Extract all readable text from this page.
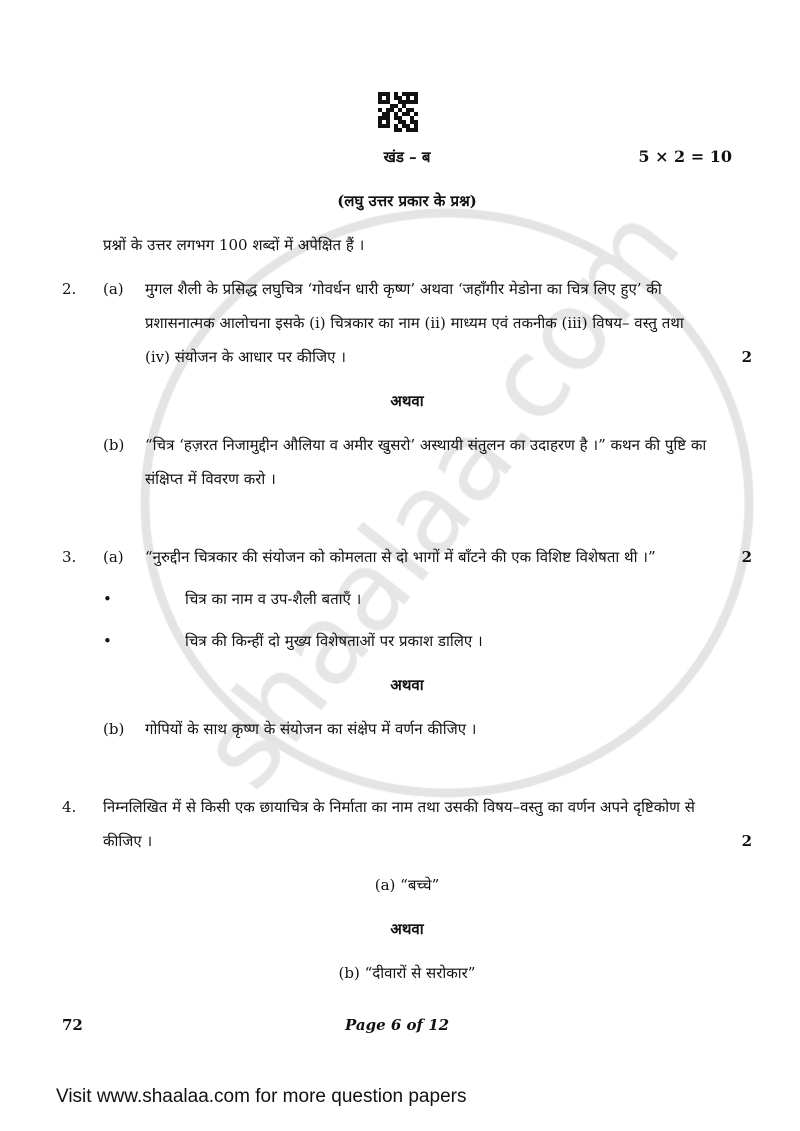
खंड – ब	5 × 2 = 10
(लघु उत्तर प्रकार के प्रश्न)
प्रश्नों के उत्तर लगभग 100 शब्दों में अपेक्षित हैं ।
2.	(a)	मुगल शैली के प्रसिद्ध लघुचित्र ‘गोवर्धन धारी कृष्ण’ अथवा ‘जहाँगीर मेडोना का चित्र लिए हुए’ की प्रशासनात्मक आलोचना इसके (i) चित्रकार का नाम (ii) माध्यम एवं तकनीक (iii) विषय– वस्तु तथा (iv) संयोजन के आधार पर कीजिए ।	2
अथवा
(b)	“चित्र ‘हज़रत निजामुद्दीन औलिया व अमीर खुसरो’ अस्थायी संतुलन का उदाहरण है ।” कथन की पुष्टि का संक्षिप्त में विवरण करो ।
3.	(a)	“नुरुद्दीन चित्रकार की संयोजन को कोमलता से दो भागों में बाँटने की एक विशिष्ट विशेषता थी ।”	2
•	चित्र का नाम व उप-शैली बताएँ ।
•	चित्र की किन्हीं दो मुख्य विशेषताओं पर प्रकाश डालिए ।
अथवा
(b)	गोपियों के साथ कृष्ण के संयोजन का संक्षेप में वर्णन कीजिए ।
4.	निम्नलिखित में से किसी एक छायाचित्र के निर्माता का नाम तथा उसकी विषय–वस्तु का वर्णन अपने दृष्टिकोण से कीजिए ।	2
(a) “बच्चे”
अथवा
(b) “दीवारों से सरोकार”
72	Page 6 of 12
Visit www.shaalaa.com for more question papers
